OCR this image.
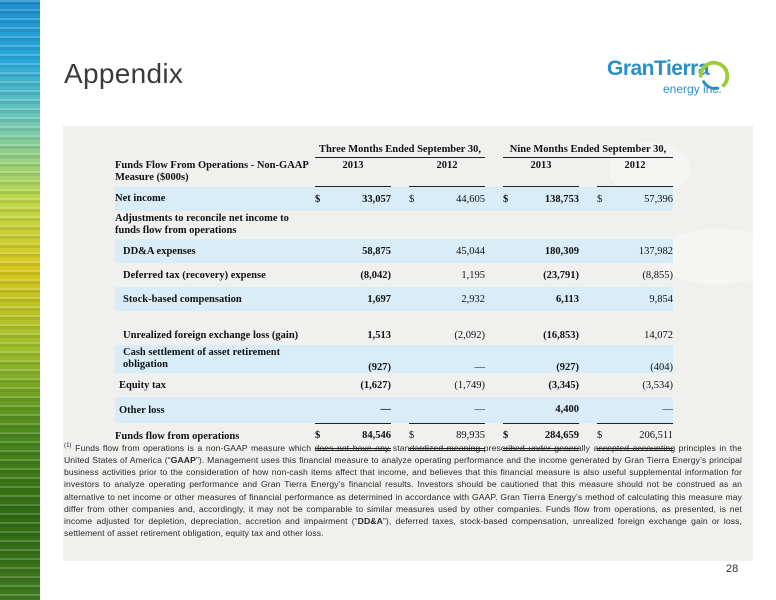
Appendix	GranTierra
energy inc.
	Three Months Ended September 30,						Nine Months Ended September 30,				
Funds Flow From Operations - Non-GAAP Measure ($000s)	2013			2012			2013			2012	
Net income	$	33,057		$	44,605		$	138,753		$	57,396
Adjustments to reconcile net income to funds flow from operations											
DD&A expenses		58,875			45,044			180,309			137,982
Deferred tax (recovery) expense		(8,042)			1,195			(23,791)			(8,855)
Stock-based compensation		1,697			2,932			6,113			9,854
Unrealized foreign exchange loss (gain)		1,513			(2,092)			(16,853)			14,072
Cash settlement of asset retirement obligation		(927)			—			(927)			(404)
Equity tax		(1,627)			(1,749)			(3,345)			(3,534)
Other loss		—			—			4,400			—
Funds flow from operations	$	84,546		$	89,935		$	284,659		$	206,511
$^{(1)}$ Funds flow from operations is a non-GAAP measure which does not have any standardized meaning prescribed under generally accepted accounting principles in the United States of America (“GAAP”). Management uses this financial measure to analyze operating performance and the income generated by Gran Tierra Energy’s principal business activities prior to the consideration of how non-cash items affect that income, and believes that this financial measure is also useful supplemental information for investors to analyze operating performance and Gran Tierra Energy’s financial results. Investors should be cautioned that this measure should not be construed as an alternative to net income or other measures of financial performance as determined in accordance with GAAP. Gran Tierra Energy’s method of calculating this measure may differ from other companies and, accordingly, it may not be comparable to similar measures used by other companies. Funds flow from operations, as presented, is net income adjusted for depletion, depreciation, accretion and impairment (“DD&A”), deferred taxes, stock-based compensation, unrealized foreign exchange gain or loss, settlement of asset retirement obligation, equity tax and other loss.
28
